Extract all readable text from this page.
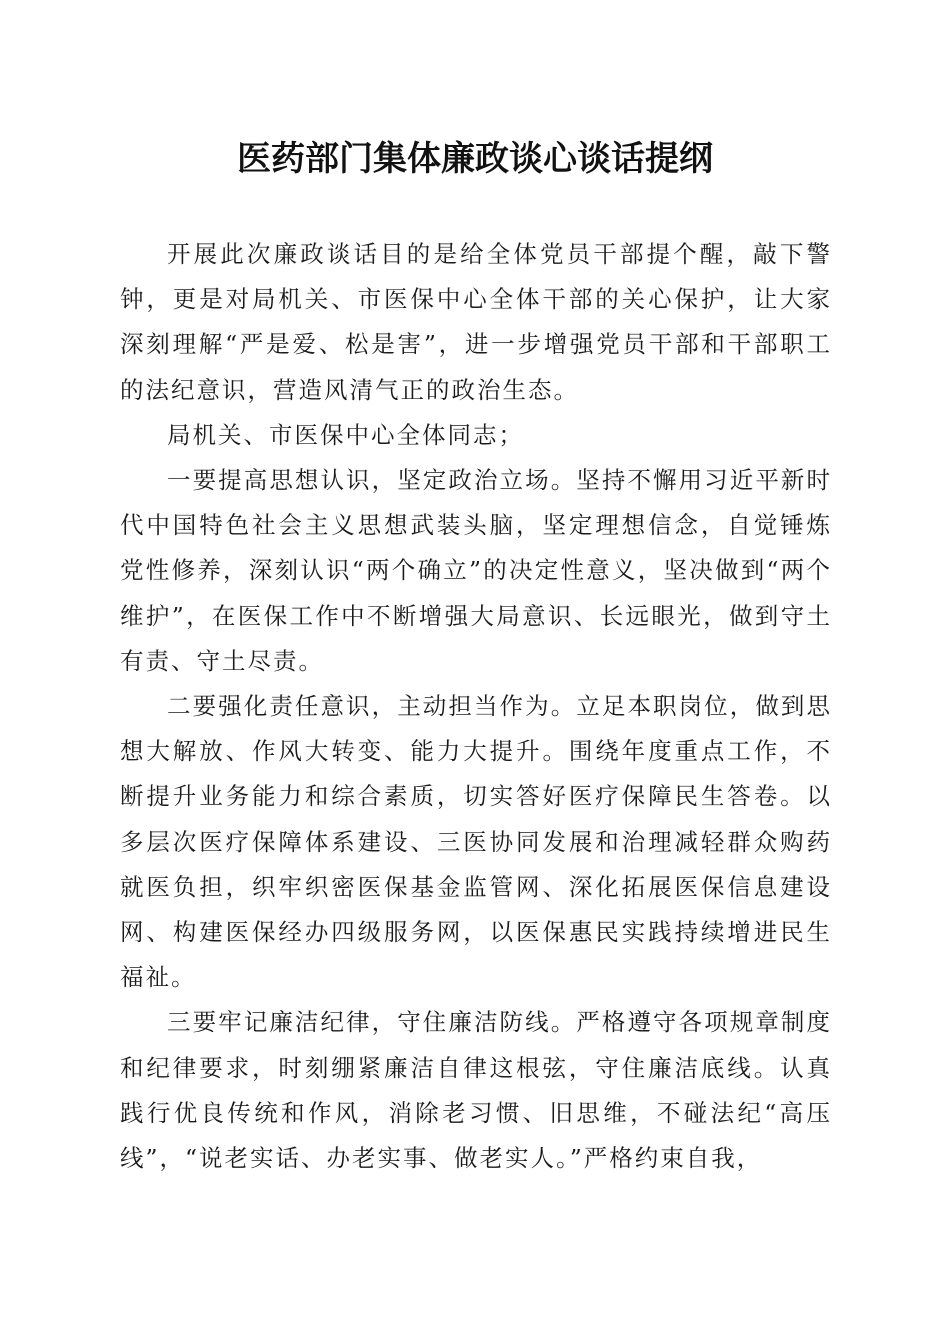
医药部门集体廉政谈心谈话提纲

开展此次廉政谈话目的是给全体党员干部提个醒，敲下警钟，更是对局机关、市医保中心全体干部的关心保护，让大家深刻理解“严是爱、松是害”，进一步增强党员干部和干部职工的法纪意识，营造风清气正的政治生态。

局机关、市医保中心全体同志；

一要提高思想认识，坚定政治立场。坚持不懈用习近平新时代中国特色社会主义思想武装头脑，坚定理想信念，自觉锤炼党性修养，深刻认识“两个确立”的决定性意义，坚决做到“两个维护”，在医保工作中不断增强大局意识、长远眼光，做到守土有责、守土尽责。

二要强化责任意识，主动担当作为。立足本职岗位，做到思想大解放、作风大转变、能力大提升。围绕年度重点工作，不断提升业务能力和综合素质，切实答好医疗保障民生答卷。以多层次医疗保障体系建设、三医协同发展和治理减轻群众购药就医负担，织牢织密医保基金监管网、深化拓展医保信息建设网、构建医保经办四级服务网，以医保惠民实践持续增进民生福祉。

三要牢记廉洁纪律，守住廉洁防线。严格遵守各项规章制度和纪律要求，时刻绷紧廉洁自律这根弦，守住廉洁底线。认真践行优良传统和作风，消除老习惯、旧思维，不碰法纪“高压线”，“说老实话、办老实事、做老实人。”严格约束自我，
